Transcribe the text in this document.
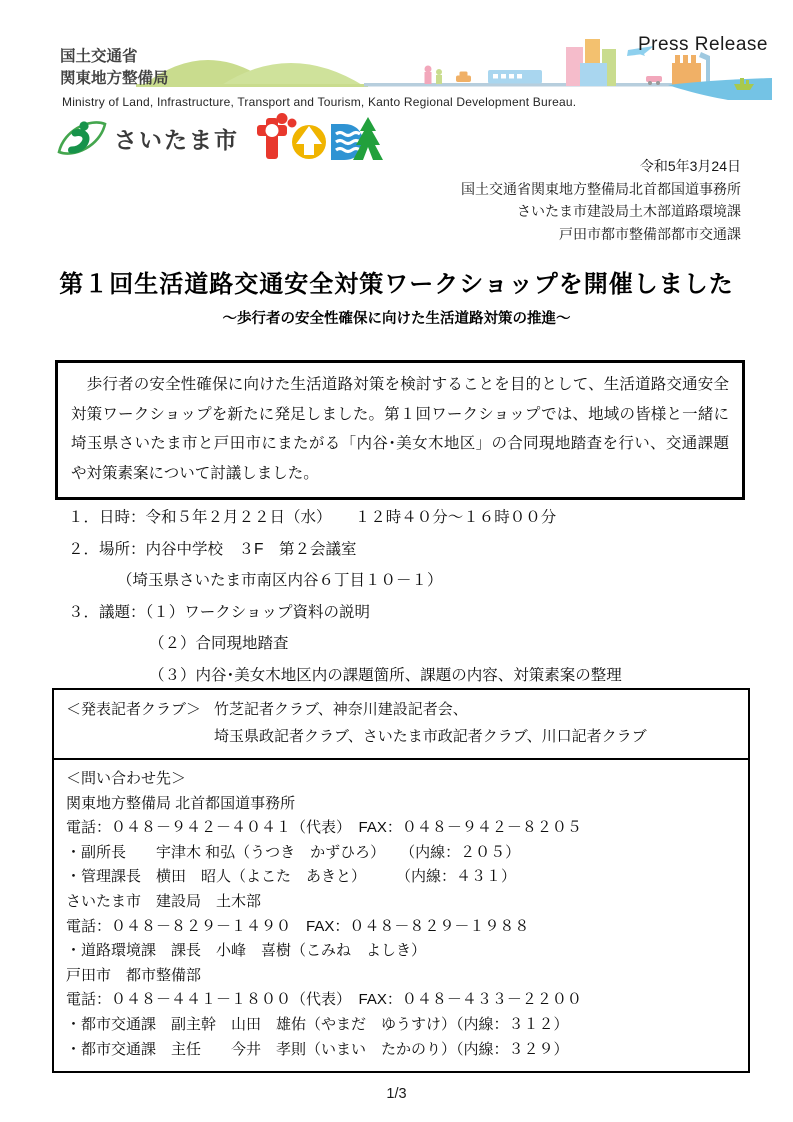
Press Release
国土交通省
関東地方整備局
Ministry of Land, Infrastructure, Transport and Tourism, Kanto Regional Development Bureau.
さいたま市
令和5年3月24日
国土交通省関東地方整備局北首都国道事務所
さいたま市建設局土木部道路環境課
戸田市都市整備部都市交通課
第１回生活道路交通安全対策ワークショップを開催しました
～歩行者の安全性確保に向けた生活道路対策の推進～
　歩行者の安全性確保に向けた生活道路対策を検討することを目的として、生活道路交通安全対策ワークショップを新たに発足しました。第１回ワークショップでは、地域の皆様と一緒に埼玉県さいたま市と戸田市にまたがる「内谷･美女木地区」の合同現地踏査を行い、交通課題や対策素案について討議しました。
１．日時：令和５年２月２２日（水）　　１２時４０分～１６時００分
２．場所：内谷中学校　３F　第２会議室
（埼玉県さいたま市南区内谷６丁目１０－１）
３．議題：（１）ワークショップ資料の説明
（２）合同現地踏査
（３）内谷･美女木地区内の課題箇所、課題の内容、対策素案の整理
＜発表記者クラブ＞ 竹芝記者クラブ、神奈川建設記者会、
埼玉県政記者クラブ、さいたま市政記者クラブ、川口記者クラブ
＜問い合わせ先＞
関東地方整備局 北首都国道事務所
電話：０４８－９４２－４０４１（代表）　FAX：０４８－９４２－８２０５
・副所長　　宇津木 和弘（うつき　かずひろ）　　（内線：２０５）
・管理課長　横田　昭人（よこた　あきと）　　　（内線：４３１）
さいたま市　建設局　土木部
電話：０４８－８２９－１４９０　FAX：０４８－８２９－１９８８
・道路環境課　課長　小峰　喜樹（こみね　よしき）
戸田市　都市整備部
電話：０４８－４４１－１８００（代表）　FAX：０４８－４３３－２２００
・都市交通課　副主幹　山田　雄佑（やまだ　ゆうすけ）（内線：３１２）
・都市交通課　主任　　今井　孝則（いまい　たかのり）（内線：３２９）
1/3
